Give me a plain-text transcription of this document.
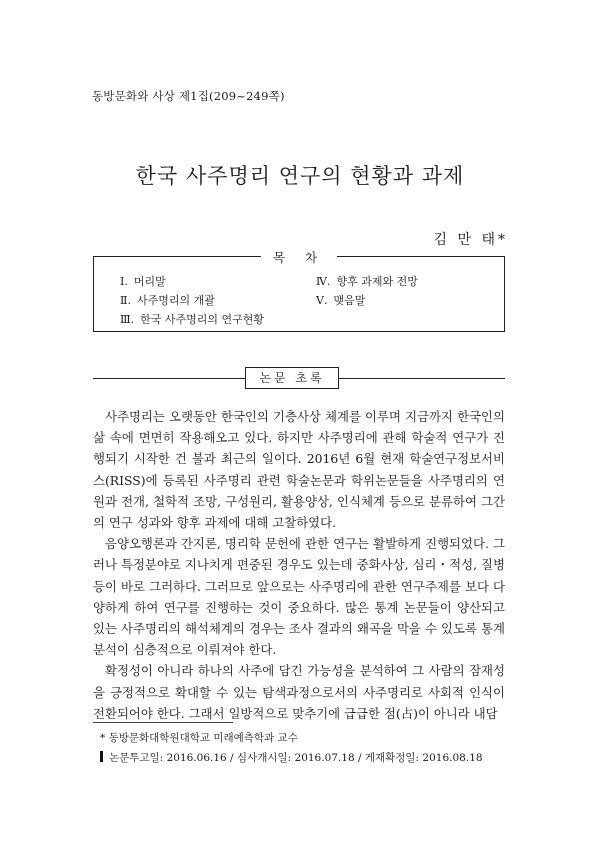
동방문화와 사상 제1집(209~249쪽)
한국 사주명리 연구의 현황과 과제
김 만 태*
목 차
Ⅰ. 머리말
Ⅱ. 사주명리의 개괄
Ⅲ. 한국 사주명리의 연구현황
Ⅳ. 향후 과제와 전망
Ⅴ. 맺음말
논문 초록

사주명리는 오랫동안 한국인의 기층사상 체계를 이루며 지금까지 한국인의 삶 속에 면면히 작용해오고 있다. 하지만 사주명리에 관해 학술적 연구가 진행되기 시작한 건 불과 최근의 일이다. 2016년 6월 현재 학술연구정보서비스(RISS)에 등록된 사주명리 관련 학술논문과 학위논문들을 사주명리의 연원과 전개, 철학적 조망, 구성원리, 활용양상, 인식체계 등으로 분류하여 그간의 연구 성과와 향후 과제에 대해 고찰하였다.

음양오행론과 간지론, 명리학 문헌에 관한 연구는 활발하게 진행되었다. 그러나 특정분야로 지나치게 편중된 경우도 있는데 중화사상, 심리・적성, 질병등이 바로 그러하다. 그러므로 앞으로는 사주명리에 관한 연구주제를 보다 다양하게 하여 연구를 진행하는 것이 중요하다. 많은 통계 논문들이 양산되고 있는 사주명리의 해석체계의 경우는 조사 결과의 왜곡을 막을 수 있도록 통계 분석이 심층적으로 이뤄져야 한다.

확정성이 아니라 하나의 사주에 담긴 가능성을 분석하여 그 사람의 잠재성을 긍정적으로 확대할 수 있는 탐색과정으로서의 사주명리로 사회적 인식이 전환되어야 한다. 그래서 일방적으로 맞추기에 급급한 점(占)이 아니라 내담

* 동방문화대학원대학교 미래예측학과 교수
논문투고일: 2016.06.16 / 심사개시일: 2016.07.18 / 게재확정일: 2016.08.18
